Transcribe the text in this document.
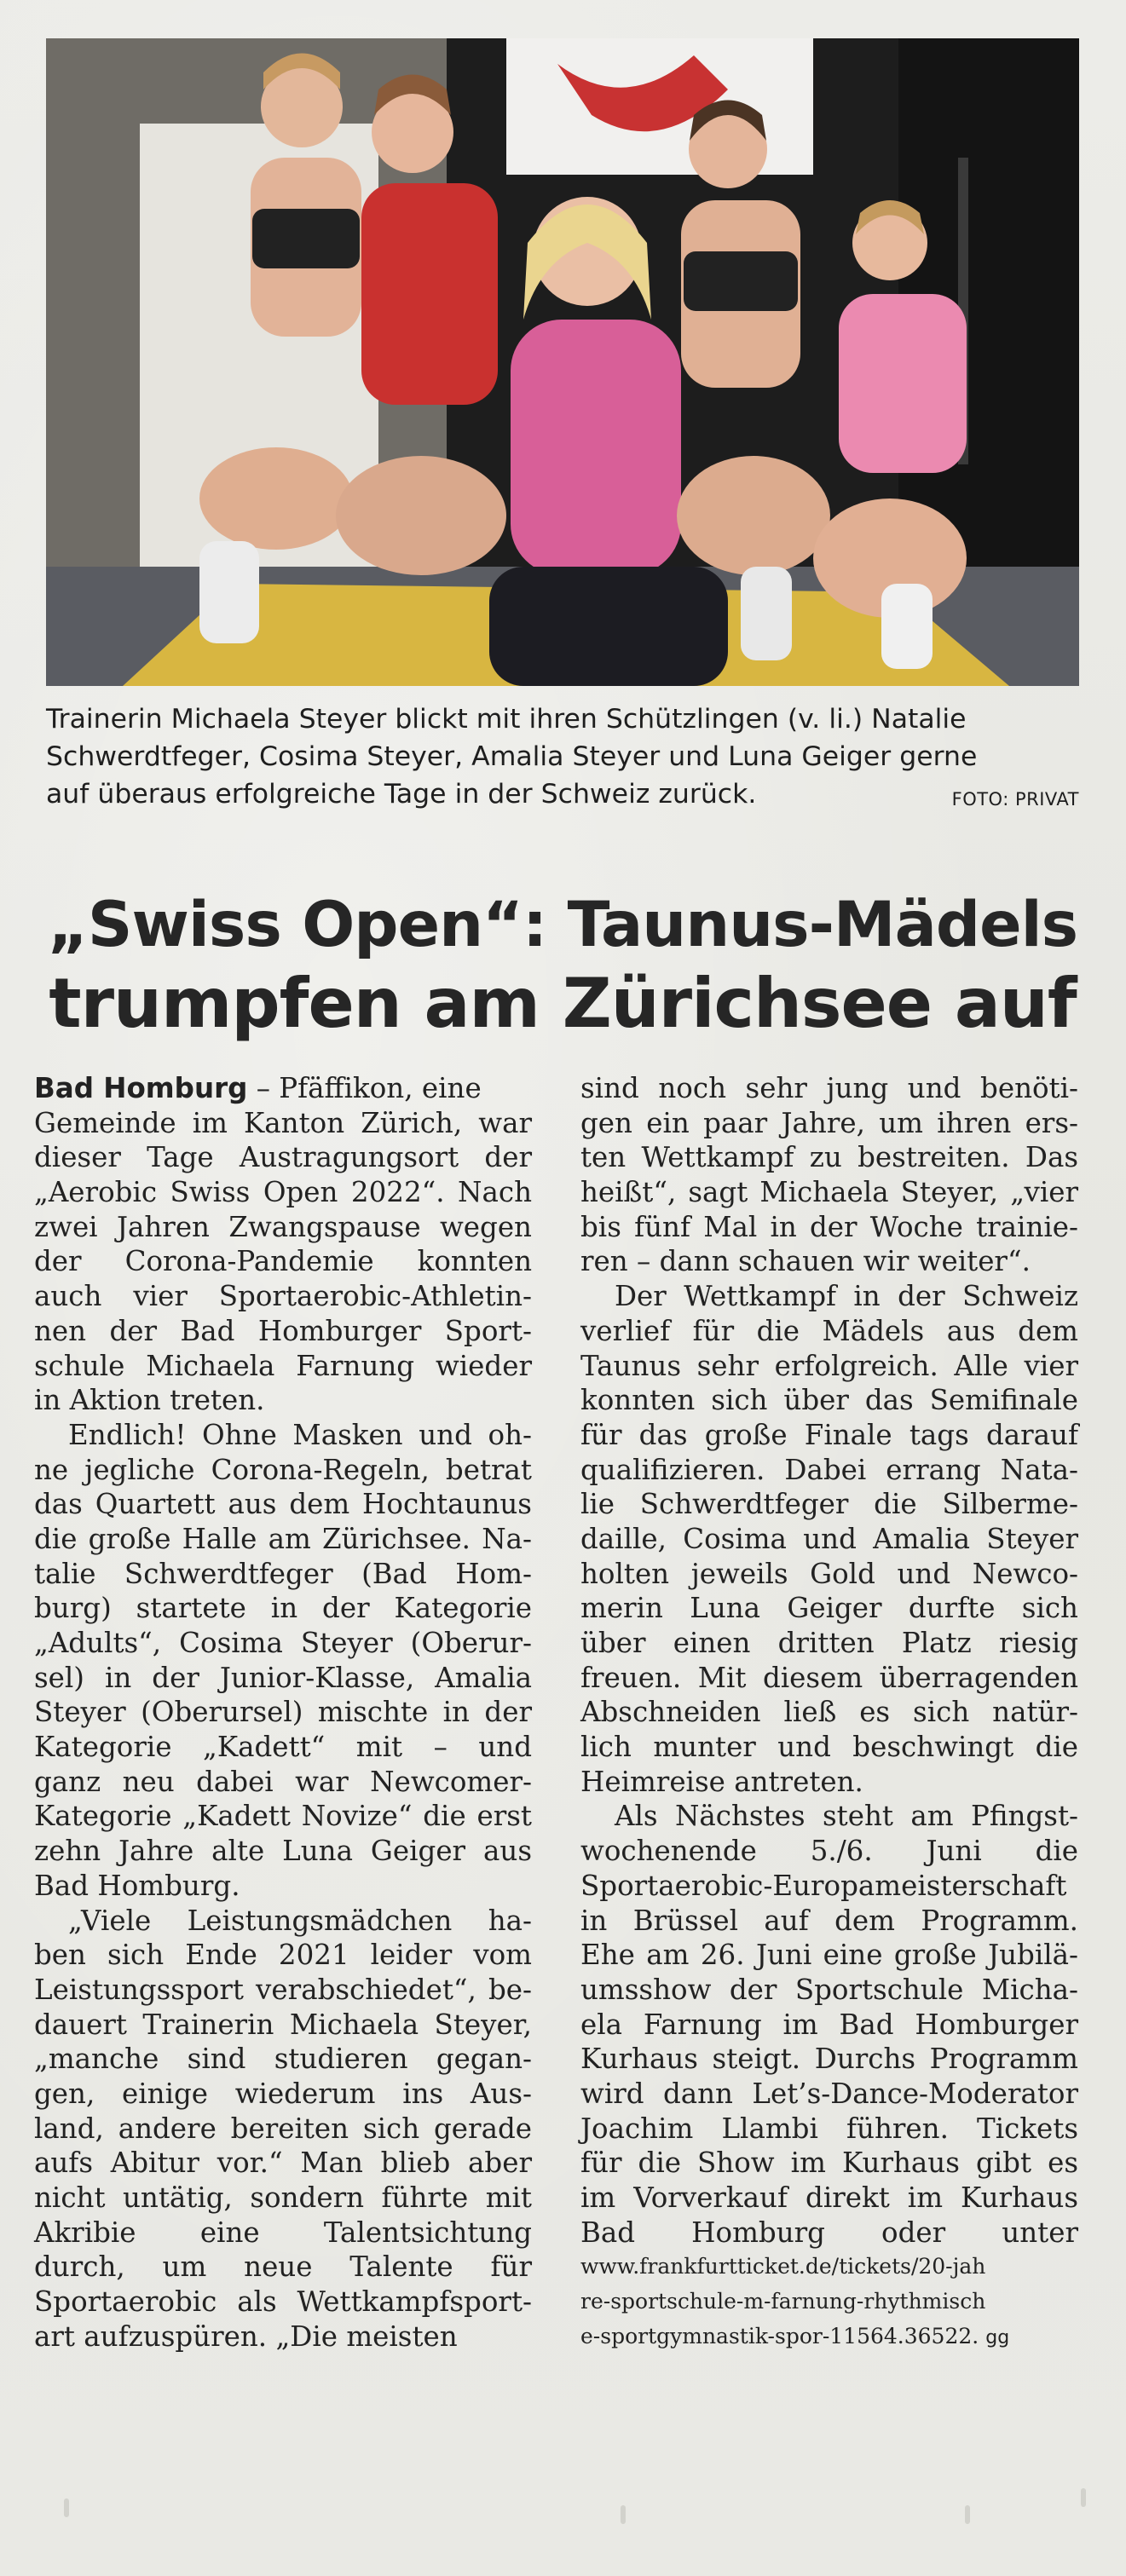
Trainerin Michaela Steyer blickt mit ihren Schützlingen (v. li.) Natalie
Schwerdtfeger, Cosima Steyer, Amalia Steyer und Luna Geiger gerne
auf überaus erfolgreiche Tage in der Schweiz zurück.	FOTO: PRIVAT
„Swiss Open“: Taunus-Mädels
trumpfen am Zürichsee auf
Bad Homburg – Pfäffikon, eine
Gemeinde im Kanton Zürich, war
dieser Tage Austragungsort der
„Aerobic Swiss Open 2022“. Nach
zwei Jahren Zwangspause wegen
der Corona-Pandemie konnten
auch vier Sportaerobic-Athletin-
nen der Bad Homburger Sport-
schule Michaela Farnung wieder
in Aktion treten.
Endlich! Ohne Masken und oh-
ne jegliche Corona-Regeln, betrat
das Quartett aus dem Hochtaunus
die große Halle am Zürichsee. Na-
talie Schwerdtfeger (Bad Hom-
burg) startete in der Kategorie
„Adults“, Cosima Steyer (Oberur-
sel) in der Junior-Klasse, Amalia
Steyer (Oberursel) mischte in der
Kategorie „Kadett“ mit – und
ganz neu dabei war Newcomer-
Kategorie „Kadett Novize“ die erst
zehn Jahre alte Luna Geiger aus
Bad Homburg.
„Viele Leistungsmädchen ha-
ben sich Ende 2021 leider vom
Leistungssport verabschiedet“, be-
dauert Trainerin Michaela Steyer,
„manche sind studieren gegan-
gen, einige wiederum ins Aus-
land, andere bereiten sich gerade
aufs Abitur vor.“ Man blieb aber
nicht untätig, sondern führte mit
Akribie eine Talentsichtung
durch, um neue Talente für
Sportaerobic als Wettkampfsport-
art aufzuspüren. „Die meisten
sind noch sehr jung und benöti-
gen ein paar Jahre, um ihren ers-
ten Wettkampf zu bestreiten. Das
heißt“, sagt Michaela Steyer, „vier
bis fünf Mal in der Woche trainie-
ren – dann schauen wir weiter“.
Der Wettkampf in der Schweiz
verlief für die Mädels aus dem
Taunus sehr erfolgreich. Alle vier
konnten sich über das Semifinale
für das große Finale tags darauf
qualifizieren. Dabei errang Nata-
lie Schwerdtfeger die Silberme-
daille, Cosima und Amalia Steyer
holten jeweils Gold und Newco-
merin Luna Geiger durfte sich
über einen dritten Platz riesig
freuen. Mit diesem überragenden
Abschneiden ließ es sich natür-
lich munter und beschwingt die
Heimreise antreten.
Als Nächstes steht am Pfingst-
wochenende 5./6. Juni die
Sportaerobic-Europameisterschaft
in Brüssel auf dem Programm.
Ehe am 26. Juni eine große Jubilä-
umsshow der Sportschule Micha-
ela Farnung im Bad Homburger
Kurhaus steigt. Durchs Programm
wird dann Let’s-Dance-Moderator
Joachim Llambi führen. Tickets
für die Show im Kurhaus gibt es
im Vorverkauf direkt im Kurhaus
Bad Homburg oder unter
www.frankfurtticket.de/tickets/20-jah
re-sportschule-m-farnung-rhythmisch
e-sportgymnastik-spor-11564.36522. gg
